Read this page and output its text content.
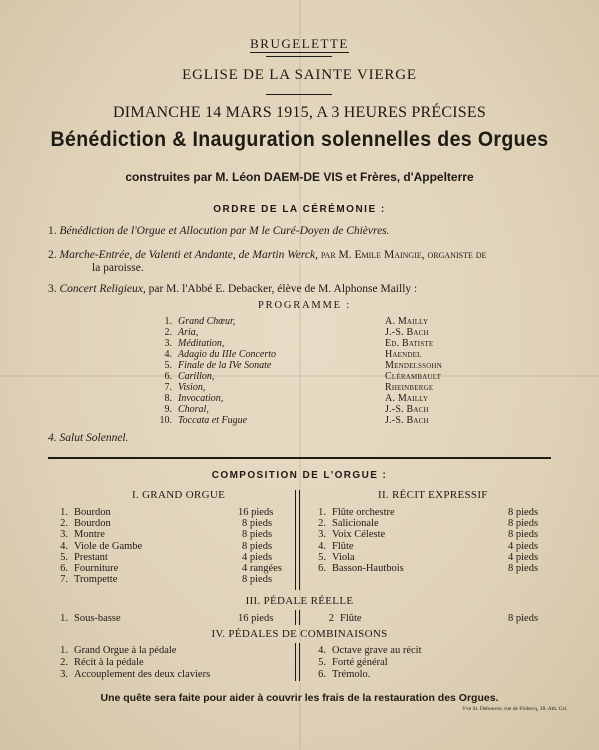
BRUGELETTE
EGLISE DE LA SAINTE VIERGE
DIMANCHE 14 MARS 1915, A 3 HEURES PRÉCISES
Bénédiction & Inauguration solennelles des Orgues
construites par M. Léon DAEM-DE VIS et Frères, d'Appelterre
ORDRE DE LA CÉRÉMONIE :
1. Bénédiction de l'Orgue et Allocution par M le Curé-Doyen de Chièvres.
2. Marche-Entrée, de Valenti et Andante, de Martin Werck, par M. Emile Maingie, organiste de
la paroisse.
3. Concert Religieux, par M. l'Abbé E. Debacker, élève de M. Alphonse Mailly :
PROGRAMME :
1. Grand Chœur,	A. Mailly
2. Aria,	J.-S. Bach
3. Méditation,	Ed. Batiste
4. Adagio du IIIe Concerto	Haendel
5. Finale de la IVe Sonate	Mendelssohn
6. Carillon,	Clérambault
7. Vision,	Rheinberge
8. Invocation,	A. Mailly
9. Choral,	J.-S. Bach
10. Toccata et Fugue	J.-S. Bach
4. Salut Solennel.
COMPOSITION DE L'ORGUE :
I. GRAND ORGUE	II. RÉCIT EXPRESSIF
1. Bourdon	16 pieds
2. Bourdon	8 pieds
3. Montre	8 pieds
4. Viole de Gambe	8 pieds
5. Prestant	4 pieds
6. Fourniture	4 rangées
7. Trompette	8 pieds
1. Flûte orchestre	8 pieds
2. Salicionale	8 pieds
3. Voix Céleste	8 pieds
4. Flûte	4 pieds
5. Viola	4 pieds
6. Basson-Hautbois	8 pieds
III. PÉDALE RÉELLE
1. Sous-basse	16 pieds	2 Flûte	8 pieds
IV. PÉDALES DE COMBINAISONS
1. Grand Orgue à la pédale
2. Récit à la pédale
3. Accouplement des deux claviers
4. Octave grave au récit
5. Forté général
6. Trémolo.
Une quête sera faite pour aider à couvrir les frais de la restauration des Orgues.
Vve St. Debouvre, rue de Flobecq, 28. Ath. Grl.
